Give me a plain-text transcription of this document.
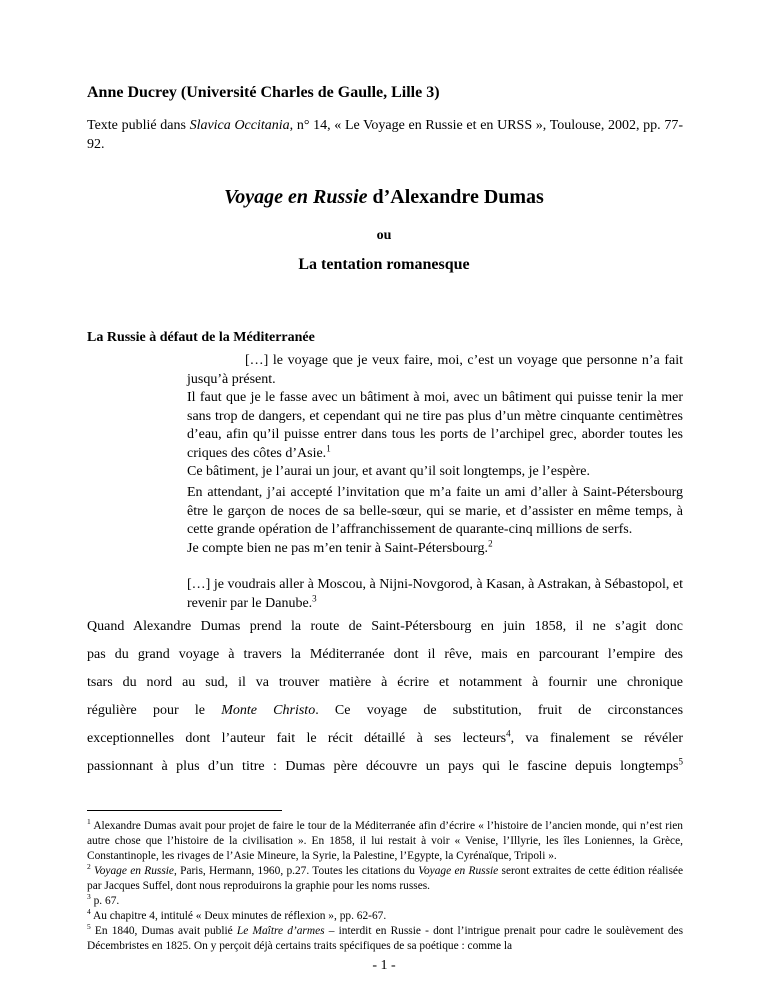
Anne Ducrey (Université Charles de Gaulle, Lille 3)
Texte publié dans Slavica Occitania, n° 14, « Le Voyage en Russie et en URSS », Toulouse, 2002, pp. 77-92.
Voyage en Russie d’Alexandre Dumas
ou
La tentation romanesque
La Russie à défaut de la Méditerranée

[…] le voyage que je veux faire, moi, c’est un voyage que personne n’a fait jusqu’à présent.

Il faut que je le fasse avec un bâtiment à moi, avec un bâtiment qui puisse tenir la mer sans trop de dangers, et cependant qui ne tire pas plus d’un mètre cinquante centimètres d’eau, afin qu’il puisse entrer dans tous les ports de l’archipel grec, aborder toutes les criques des côtes d’Asie.$^1$

Ce bâtiment, je l’aurai un jour, et avant qu’il soit longtemps, je l’espère.

En attendant, j’ai accepté l’invitation que m’a faite un ami d’aller à Saint-Pétersbourg être le garçon de noces de sa belle-sœur, qui se marie, et d’assister en même temps, à cette grande opération de l’affranchissement de quarante-cinq millions de serfs.

Je compte bien ne pas m’en tenir à Saint-Pétersbourg.$^2$

[…] je voudrais aller à Moscou, à Nijni-Novgorod, à Kasan, à Astrakan, à Sébastopol, et revenir par le Danube.$^3$

Quand Alexandre Dumas prend la route de Saint-Pétersbourg en juin 1858, il ne s’agit donc
pas du grand voyage à travers la Méditerranée dont il rêve, mais en parcourant l’empire des
tsars du nord au sud, il va trouver matière à écrire et notamment à fournir une chronique
régulière pour le Monte Christo. Ce voyage de substitution, fruit de circonstances
exceptionnelles dont l’auteur fait le récit détaillé à ses lecteurs$^4$, va finalement se révéler
passionnant à plus d’un titre : Dumas père découvre un pays qui le fascine depuis longtemps$^5$

$^1$ Alexandre Dumas avait pour projet de faire le tour de la Méditerranée afin d’écrire « l’histoire de l’ancien monde, qui n’est rien autre chose que l’histoire de la civilisation ». En 1858, il lui restait à voir « Venise, l’Illyrie, les îles Loniennes, la Grèce, Constantinople, les rivages de l’Asie Mineure, la Syrie, la Palestine, l’Egypte, la Cyrénaïque, Tripoli ».

$^2$ Voyage en Russie, Paris, Hermann, 1960, p.27. Toutes les citations du Voyage en Russie seront extraites de cette édition réalisée par Jacques Suffel, dont nous reproduirons la graphie pour les noms russes.

$^3$ p. 67.

$^4$ Au chapitre 4, intitulé « Deux minutes de réflexion », pp. 62-67.

$^5$ En 1840, Dumas avait publié Le Maître d’armes – interdit en Russie - dont l’intrigue prenait pour cadre le soulèvement des Décembristes en 1825. On y perçoit déjà certains traits spécifiques de sa poétique : comme la

- 1 -
